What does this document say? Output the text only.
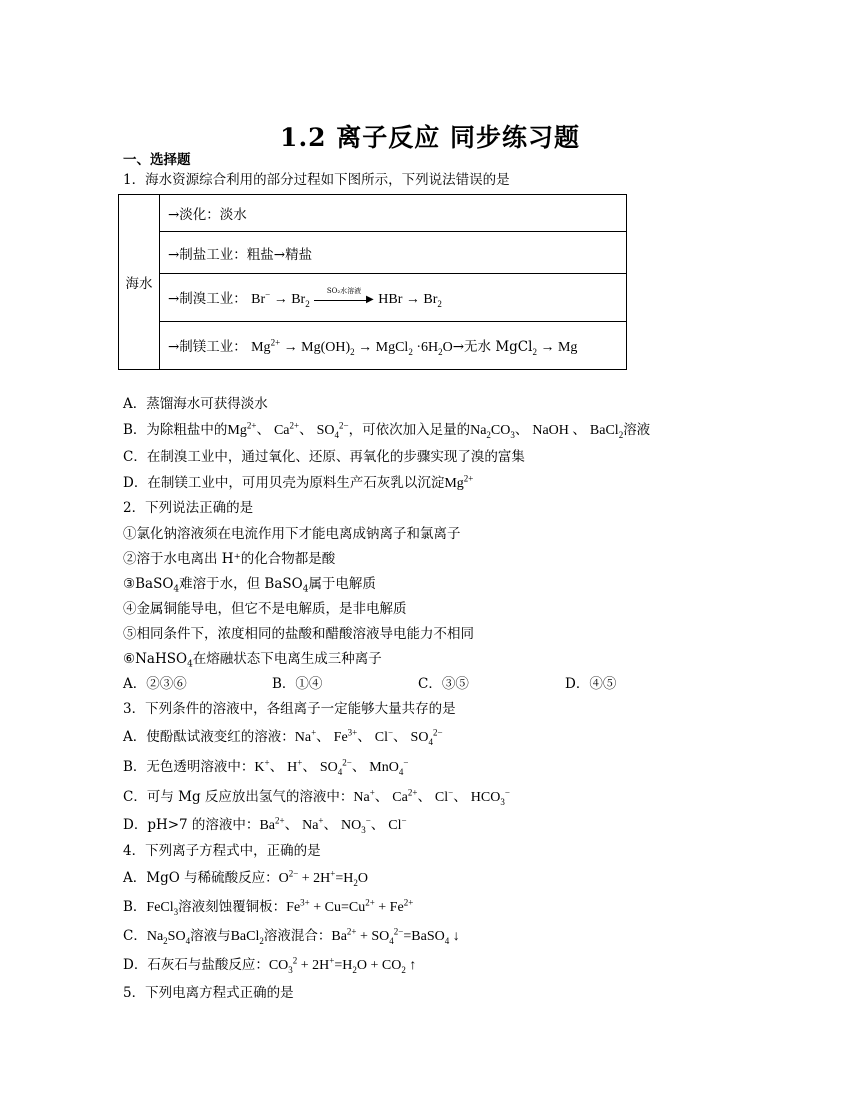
1.2 离子反应 同步练习题
一、选择题
1．海水资源综合利用的部分过程如下图所示，下列说法错误的是
海水	→淡化：淡水
→制盐工业：粗盐→精盐
→制溴工业： $Br^- \to Br_2$
SO₂水溶液
▶ HBr → $Br_2$
→制镁工业： $Mg^{2+} \to Mg(OH)_2$ → MgCl$_2$ $\cdot 6H_2O\to$无水 MgCl$_2$ → Mg
A．蒸馏海水可获得淡水
B．为除粗盐中的$Mg^{2+}$、 $Ca^{2+}$、 $SO_4^{2-}$，可依次加入足量的$Na_2CO_3$、 NaOH 、 BaCl$_2$溶液
C．在制溴工业中，通过氧化、还原、再氧化的步骤实现了溴的富集
D．在制镁工业中，可用贝壳为原料生产石灰乳以沉淀$Mg^{2+}$
2．下列说法正确的是
①氯化钠溶液须在电流作用下才能电离成钠离子和氯离子
②溶于水电离出 H⁺的化合物都是酸
③BaSO$_4$难溶于水，但 BaSO$_4$属于电解质
④金属铜能导电，但它不是电解质，是非电解质
⑤相同条件下，浓度相同的盐酸和醋酸溶液导电能力不相同
⑥NaHSO$_4$在熔融状态下电离生成三种离子
A．②③⑥	B．①④	C．③⑤	D．④⑤
3．下列条件的溶液中，各组离子一定能够大量共存的是
A．使酚酞试液变红的溶液：Na+、 $Fe^{3+}$、 Cl−、 $SO_4^{2-}$
B．无色透明溶液中：K+、 H+、 $SO_4^{2-}$、 MnO$_4$−
C．可与 Mg 反应放出氢气的溶液中：Na+、 $Ca^{2+}$、 Cl−、 $HCO_3^-$
D．pH>7 的溶液中：$Ba^{2+}$、 Na+、 $NO_3^-$、 Cl−
4．下列离子方程式中，正确的是
A．MgO 与稀硫酸反应：$O^{2-} + 2H^+=H_2O$
B．FeCl$_3$溶液刻蚀覆铜板：$Fe^{3+} + Cu=Cu^{2+} + Fe^{2+}$
C．$Na_2SO_4$溶液与BaCl$_2$溶液混合：$Ba^{2+}$ + $SO_4^{2-}=BaSO_4$ ↓
D．石灰石与盐酸反应：$CO_3^2 + 2H^+=H_2O + CO_2$ ↑
5．下列电离方程式正确的是
